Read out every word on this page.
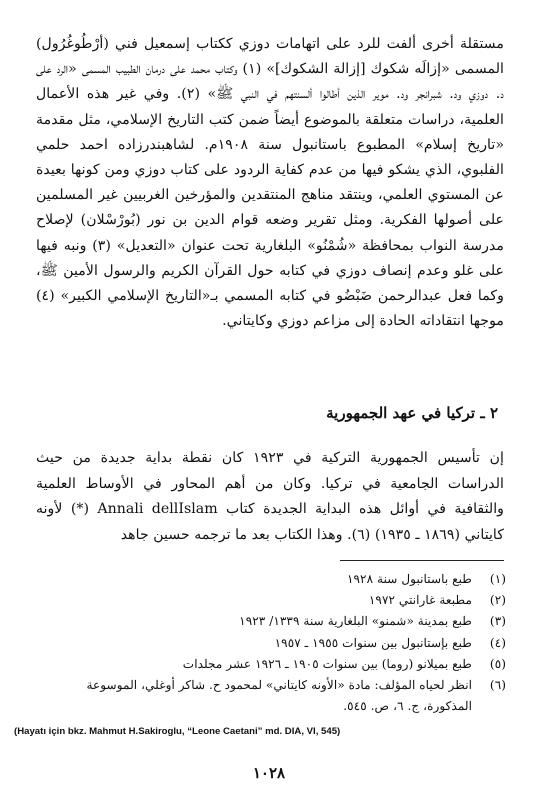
مستقلة أخرى ألفت للرد على اتهامات دوزي ككتاب إسمعيل فني (أرْطُوغُرُول) المسمى «إزالَه شكوك [إزالة الشكوك]» (١) وكتاب محمد على درمان الطبيب المسمى «الرد على د. دوزي ود. شبرانجر ود. موير الذين أطالوا ألسنتهم في النبي ﷺ» (٢). وفي غير هذه الأعمال العلمية، دراسات متعلقة بالموضوع أيضاً ضمن كتب التاريخ الإسلامي، مثل مقدمة «تاريخ إسلام» المطبوع باستانبول سنة ١٩٠٨م. لشاهبندرزاده احمد حلمي الفلبوي، الذي يشكو فيها من عدم كفاية الردود على كتاب دوزي ومن كونها بعيدة عن المستوي العلمي، وينتقد مناهج المنتقدين والمؤرخين الغربيين غير المسلمين على أصولها الفكرية. ومثل تقرير وضعه قوام الدين بن نور (بُورْسْلان) لإصلاح مدرسة النواب بمحافظة «شُمْنُو» البلغارية تحت عنوان «التعديل» (٣) ونبه فيها على غلو وعدم إنصاف دوزي في كتابه حول القرآن الكريم والرسول الأمين ﷺ، وكما فعل عبدالرحمن ضَبْضُو في كتابه المسمي بـ«التاريخ الإسلامي الكبير» (٤) موجها انتقاداته الحادة إلى مزاعم دوزي وكايتاني.

٢ ـ تركيا في عهد الجمهورية

إن تأسيس الجمهورية التركية في ١٩٢٣ كان نقطة بداية جديدة من حيث الدراسات الجامعية في تركيا. وكان من أهم المحاور في الأوساط العلمية والثقافية في أوائل هذه البداية الجديدة كتاب Annali dellIslam (*) لأونه كايتاني (١٨٦٩ ـ ١٩٣٥) (٦). وهذا الكتاب بعد ما ترجمه حسين جاهد

(١)
طبع باستانبول سنة ١٩٢٨
(٢)
مطبعة غارانتي ١٩٧٢
(٣)
طبع بمدينة «شمنو» البلغارية سنة ١٣٣٩/ ١٩٢٣
(٤)
طبع بإستانبول بين سنوات ١٩٥٥ ـ ١٩٥٧
(٥)
طبع بميلانو (روما) بين سنوات ١٩٠٥ ـ ١٩٢٦ عشر مجلدات
(٦)
انظر لحياه المؤلف: مادة «الأونه كايتاني» لمحمود ح. شاكر أوغلي، الموسوعة المذكورة، ج. ٦، ص. ٥٤٥.
(Hayatı için bkz. Mahmut H.Sakiroglu, “Leone Caetani” md. DIA, VI, 545)
١٠٢٨
